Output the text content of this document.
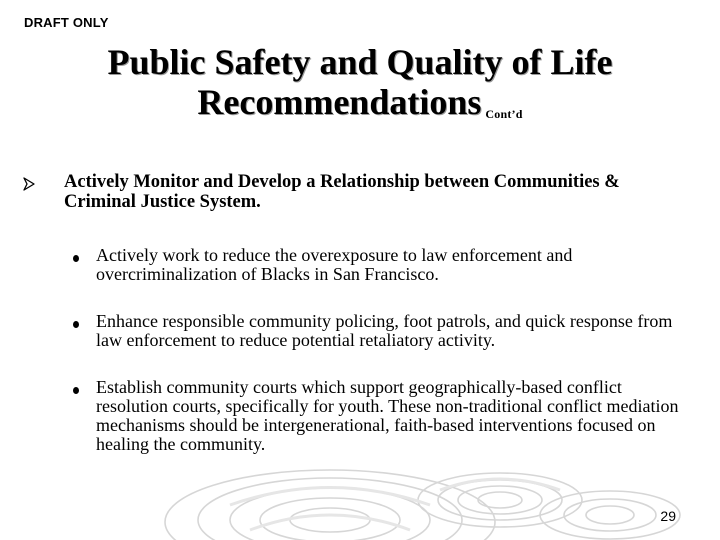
DRAFT ONLY
Public Safety and Quality of Life
Recommendations Cont’d
Actively Monitor and Develop a Relationship between Communities & Criminal Justice System.
Actively work to reduce the overexposure to law enforcement and overcriminalization of Blacks in San Francisco.
Enhance responsible community policing, foot patrols, and quick response from law enforcement to reduce potential retaliatory activity.
Establish community courts which support geographically-based conflict resolution courts, specifically for youth. These non-traditional conflict mediation mechanisms should be intergenerational, faith-based interventions focused on healing the community.
29
